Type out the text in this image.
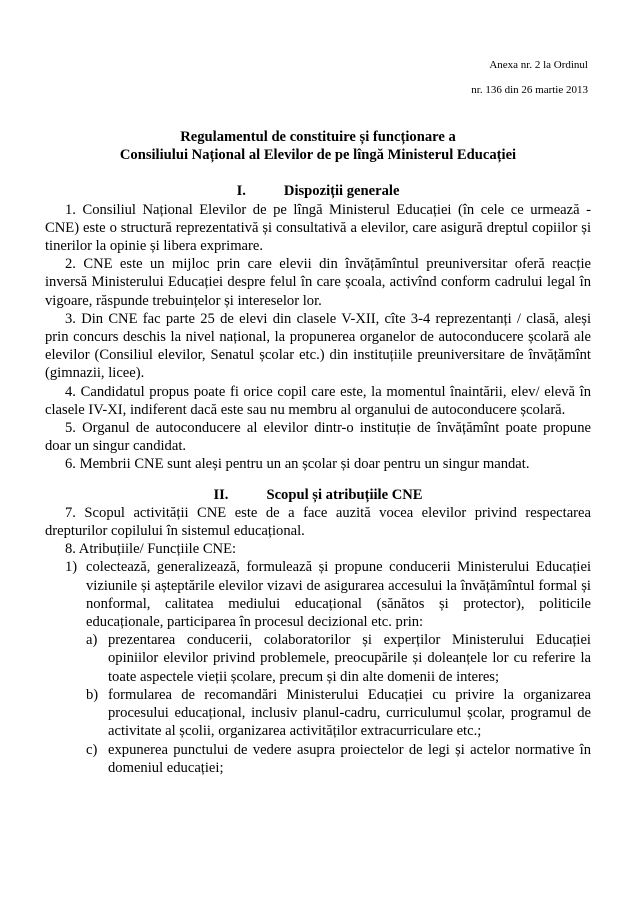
Anexa nr. 2 la Ordinul
nr. 136 din 26 martie 2013

Regulamentul de constituire și funcționare a

Consiliului Național al Elevilor de pe lîngă Ministerul Educației

I.	Dispoziții generale

1. Consiliul Național Elevilor de pe lîngă Ministerul Educației (în cele ce urmează - CNE) este o structură reprezentativă și consultativă a elevilor, care asigură dreptul copiilor și tinerilor la opinie și libera exprimare.

2. CNE este un mijloc prin care elevii din învățămîntul preuniversitar oferă reacție inversă Ministerului Educației despre felul în care școala, activînd conform cadrului legal în vigoare, răspunde trebuințelor și intereselor lor.

3. Din CNE fac parte 25 de elevi din clasele V-XII, cîte 3-4 reprezentanți / clasă, aleși prin concurs deschis la nivel național, la propunerea organelor de autoconducere școlară ale elevilor (Consiliul elevilor, Senatul școlar etc.) din instituțiile preuniversitare de învățămînt (gimnazii, licee).

4. Candidatul propus poate fi orice copil care este, la momentul înaintării, elev/ elevă în clasele IV-XI, indiferent dacă este sau nu membru al organului de autoconducere școlară.

5. Organul de autoconducere al elevilor dintr-o instituție de învățămînt poate propune doar un singur candidat.

6. Membrii CNE sunt aleși pentru un an școlar și doar pentru un singur mandat.

II.	Scopul și atribuțiile CNE

7. Scopul activității CNE este de a face auzită vocea elevilor privind respectarea drepturilor copilului în sistemul educațional.

8. Atribuțiile/ Funcțiile CNE:

1) colectează, generalizează, formulează și propune conducerii Ministerului Educației viziunile și așteptările elevilor vizavi de asigurarea accesului la învățămîntul formal și nonformal, calitatea mediului educațional (sănătos și protector), politicile educaționale, participarea în procesul decizional etc. prin:
a) prezentarea conducerii, colaboratorilor și experților Ministerului Educației opiniilor elevilor privind problemele, preocupările și doleanțele lor cu referire la toate aspectele vieții școlare, precum și din alte domenii de interes;
b) formularea de recomandări Ministerului Educației cu privire la organizarea procesului educațional, inclusiv planul-cadru, curriculumul școlar, programul de activitate al școlii, organizarea activităților extracurriculare etc.;
c) expunerea punctului de vedere asupra proiectelor de legi și actelor normative în domeniul educației;
